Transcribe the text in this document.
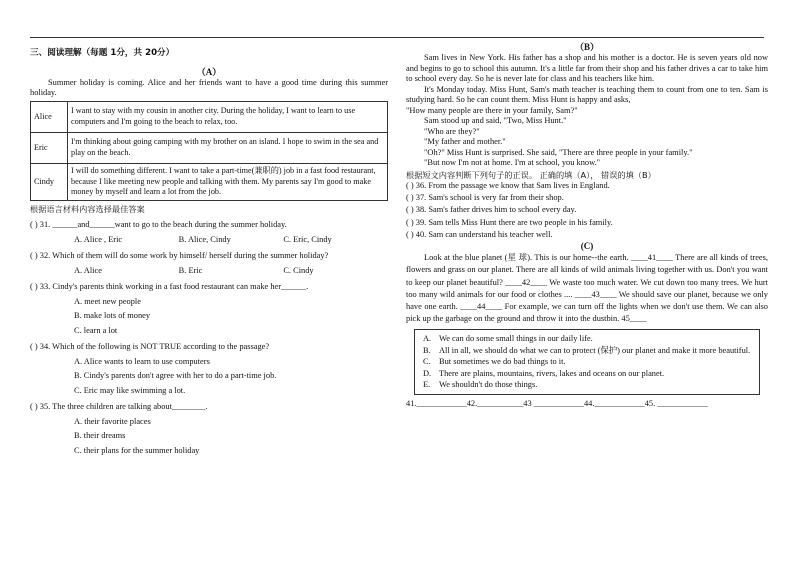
三、阅读理解（每题 1分，共 20分）
（A）

Summer holiday is coming. Alice and her friends want to have a good time during this summer holiday.

Alice	I want to stay with my cousin in another city. During the holiday, I want to learn to use computers and I'm going to the beach to relax, too.
Eric	I'm thinking about going camping with my brother on an island. I hope to swim in the sea and play on the beach.
Cindy	I will do something different. I want to take a part-time(兼职的) job in a fast food restaurant, because I like meeting new people and talking with them. My parents say I'm good to make money by myself and learn a lot from the job.
根据语言材料内容选择最佳答案

( ) 31. ______and______want to go to the beach during the summer holiday.

A. Alice , Eric	B. Alice, Cindy	C. Eric, Cindy

( ) 32. Which of them will do some work by himself/ herself during the summer holiday?

A. Alice	B. Eric	C. Cindy

( ) 33. Cindy's parents think working in a fast food restaurant can make her______.

A. meet new people

B. make lots of money

C. learn a lot

( ) 34. Which of the following is NOT TRUE according to the passage?

A. Alice wants to learn to use computers

B. Cindy's parents don't agree with her to do a part-time job.

C. Eric may like swimming a lot.

( ) 35. The three children are talking about________.

A. their favorite places

B. their dreams

C. their plans for the summer holiday

（B）

Sam lives in New York. His father has a shop and his mother is a doctor. He is seven years old now and begins to go to school this autumn. It's a little far from their shop and his father drives a car to take him to school every day. So he is never late for class and his teachers like him.

It's Monday today. Miss Hunt, Sam's math teacher is teaching them to count from one to ten. Sam is studying hard. So he can count them. Miss Hunt is happy and asks,

"How many people are there in your family, Sam?"

Sam stood up and said, "Two, Miss Hunt."

"Who are they?"

"My father and mother."

"Oh?" Miss Hunt is surprised. She said, "There are three people in your family."

"But now I'm not at home. I'm at school, you know."

根据短文内容判断下列句子的正误。 正确的填（A）， 错误的填（B）

( ) 36. From the passage we know that Sam lives in England.

( ) 37. Sam's school is very far from their shop.

( ) 38. Sam's father drives him to school every day.

( ) 39. Sam tells Miss Hunt there are two people in his family.

( ) 40. Sam can understand his teacher well.

(C)

Look at the blue planet (星 球). This is our home--the earth. ____41____ There are all kinds of trees, flowers and grass on our planet. There are all kinds of wild animals living together with us. Don't you want to keep our planet beautiful? ____42____ We waste too much water. We cut down too many trees. We hurt too many wild animals for our food or clothes .... ____43____ We should save our planet, because we only have one earth. ____44____ For example, we can turn off the lights when we don't use them. We can also pick up the garbage on the ground and throw it into the dustbin. 45____

A. We can do some small things in our daily life.
B. All in all, we should do what we can to protect (保护) our planet and make it more beautiful.
C. But sometimes we do bad things to it.
D. There are plains, mountains, rivers, lakes and oceans on our planet.
E.	We shouldn't do those things.

41.____________42.___________43 ____________44.____________45. ____________
